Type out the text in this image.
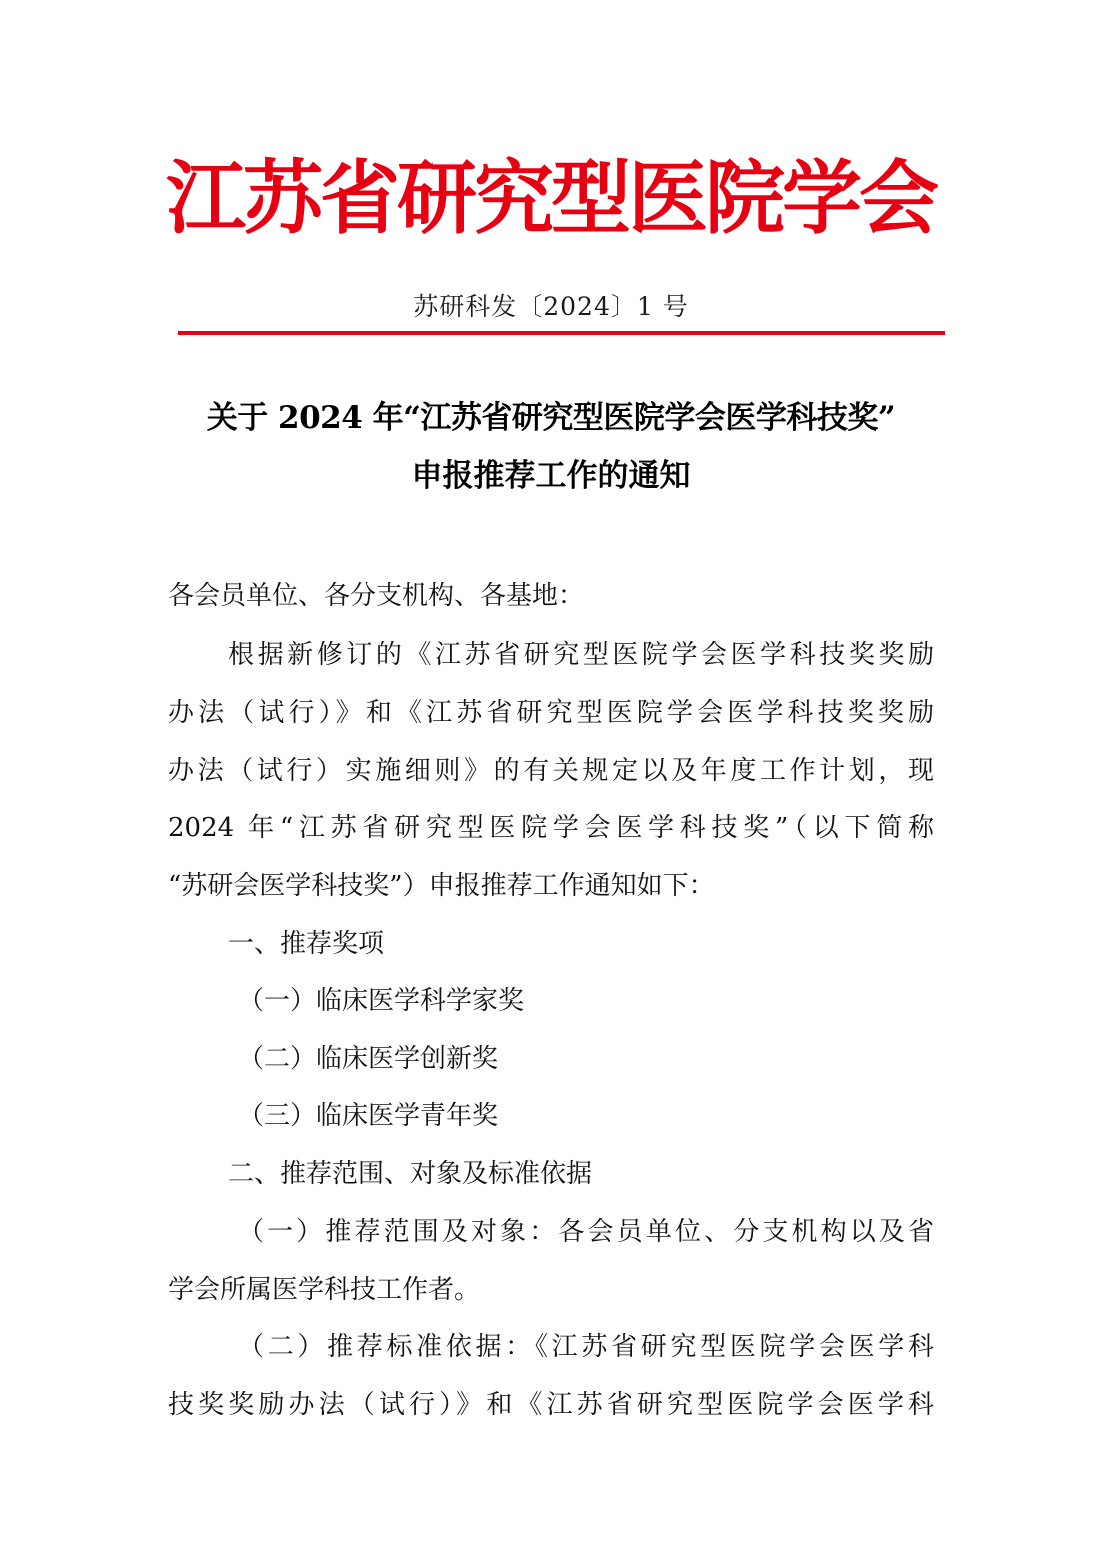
江苏省研究型医院学会
苏研科发〔2024〕1 号
关于 2024 年“江苏省研究型医院学会医学科技奖”
申报推荐工作的通知
各会员单位、各分支机构、各基地：
根据新修订的《江苏省研究型医院学会医学科技奖奖励
办法（试行）》和《江苏省研究型医院学会医学科技奖奖励
办法（试行）实施细则》的有关规定以及年度工作计划，现
2024 年“江苏省研究型医院学会医学科技奖”（以下简称
“苏研会医学科技奖”）申报推荐工作通知如下：
一、推荐奖项
（一）临床医学科学家奖
（二）临床医学创新奖
（三）临床医学青年奖
二、推荐范围、对象及标准依据
（一）推荐范围及对象：各会员单位、分支机构以及省
学会所属医学科技工作者。
（二）推荐标准依据：《江苏省研究型医院学会医学科
技奖奖励办法（试行）》和《江苏省研究型医院学会医学科
